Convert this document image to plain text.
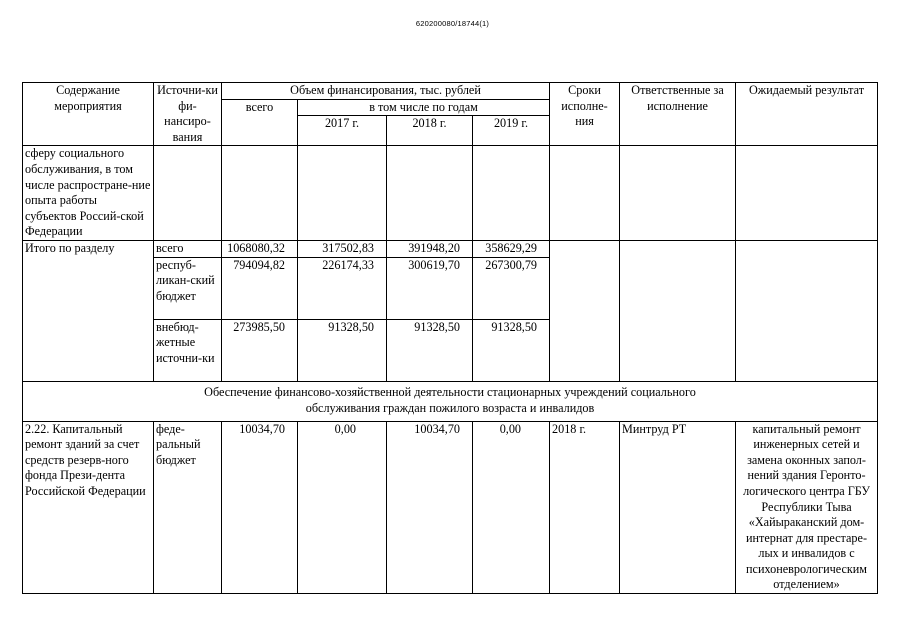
620200080/18744(1)
Содержание мероприятия	Источни-ки фи-нансиро-вания	Объем финансирования, тыс. рублей				Сроки исполне-ния	Ответственные за исполнение	Ожидаемый результат
		всего	в том числе по годам					
			2017 г.	2018 г.	2019 г.			
сферу социального обслуживания, в том числе распростране-ние опыта работы субъектов Россий-ской Федерации								
Итого по разделу	всего	1068080,32	317502,83	391948,20	358629,29			
	респуб-ликан-ский бюджет	794094,82	226174,33	300619,70	267300,79			
	внебюд-жетные источни-ки	273985,50	91328,50	91328,50	91328,50			

Обеспечение финансово-хозяйственной деятельности стационарных учреждений социального обслуживания граждан пожилого возраста и инвалидов								

2.22. Капитальный ремонт зданий за счет средств резерв-ного фонда Прези-дента Российской Федерации	феде-ральный бюджет	10034,70	0,00	10034,70	0,00	2018 г.	Минтруд РТ	капитальный ремонт инженерных сетей и замена оконных запол-нений здания Геронто-логического центра ГБУ Республики Тыва «Хайыраканский дом-интернат для престаре-лых и инвалидов с психоневрологическим отделением»
